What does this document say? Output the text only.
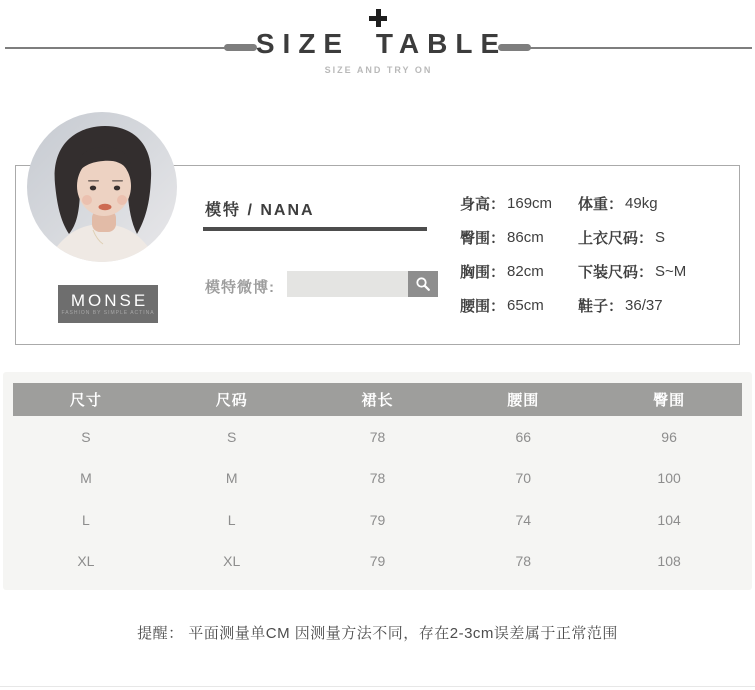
SIZE TABLE
SIZE AND TRY ON
MONSE
FASHION BY SIMPLE ACTINA
模特 / NANA
模特微博:
身高： 169cm
臀围： 86cm
胸围： 82cm
腰围： 65cm
体重： 49kg
上衣尺码： S
下装尺码： S~M
鞋子： 36/37
尺寸	尺码	裙长	腰围	臀围
S	S	78	66	96
M	M	78	70	100
L	L	79	74	104
XL	XL	79	78	108
提醒： 平面测量单CM 因测量方法不同，存在2-3cm误差属于正常范围
